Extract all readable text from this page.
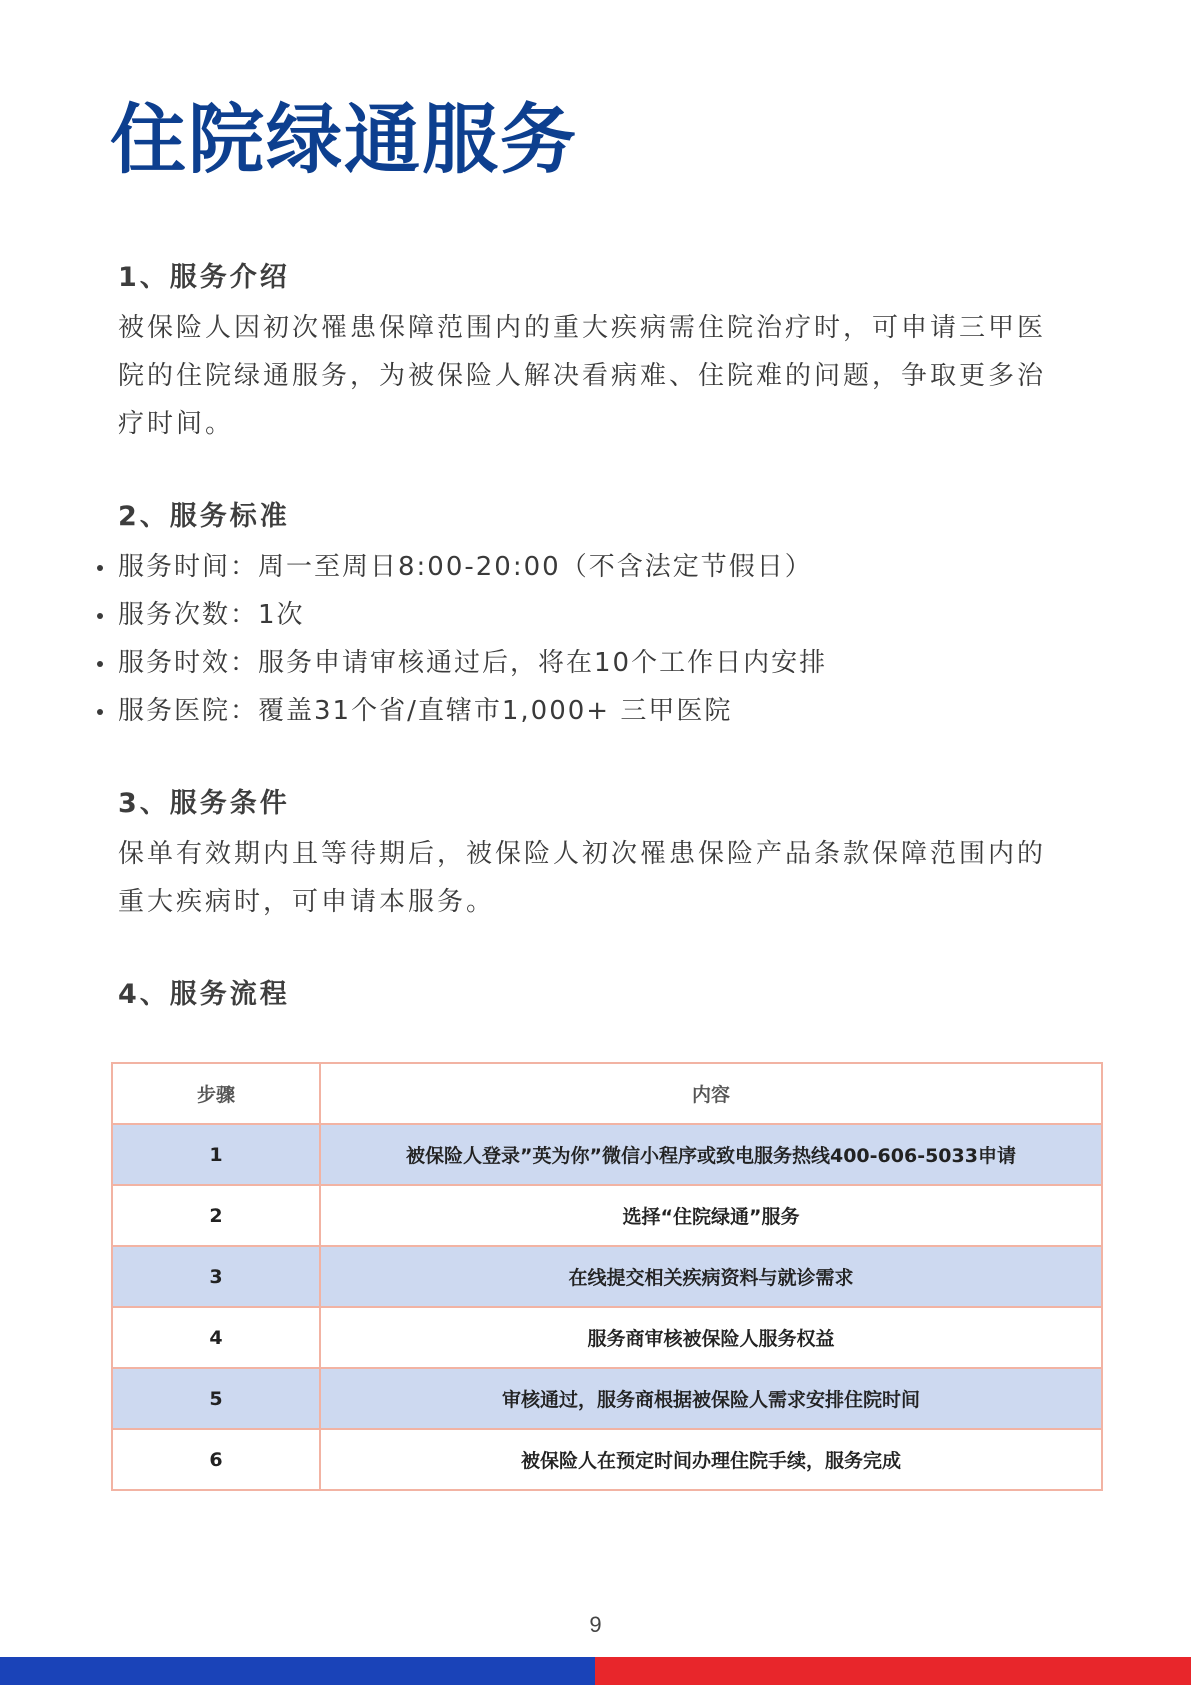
住院绿通服务
1、服务介绍

被保险人因初次罹患保障范围内的重大疾病需住院治疗时，可申请三甲医
院的住院绿通服务，为被保险人解决看病难、住院难的问题，争取更多治
疗时间。

2、服务标准
服务时间：周一至周日8:00-20:00（不含法定节假日）
服务次数：1次
服务时效：服务申请审核通过后，将在10个工作日内安排
服务医院：覆盖31个省/直辖市1,000+ 三甲医院
3、服务条件

保单有效期内且等待期后，被保险人初次罹患保险产品条款保障范围内的
重大疾病时，可申请本服务。

4、服务流程
步骤	内容
1	被保险人登录”英为你”微信小程序或致电服务热线400-606-5033申请
2	选择“住院绿通”服务
3	在线提交相关疾病资料与就诊需求
4	服务商审核被保险人服务权益
5	审核通过，服务商根据被保险人需求安排住院时间
6	被保险人在预定时间办理住院手续，服务完成
9
